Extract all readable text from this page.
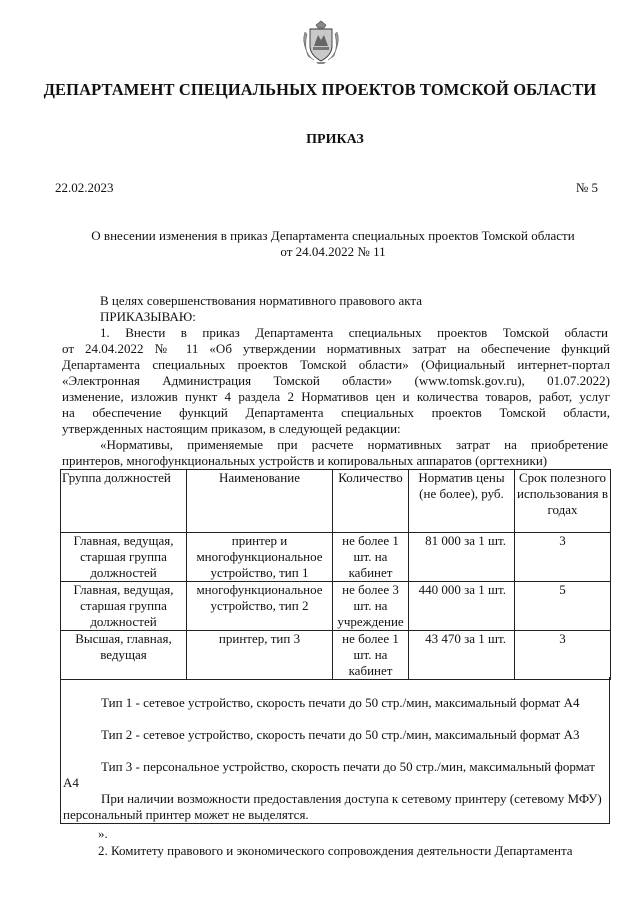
ДЕПАРТАМЕНТ СПЕЦИАЛЬНЫХ ПРОЕКТОВ ТОМСКОЙ ОБЛАСТИ
ПРИКАЗ
22.02.2023	№ 5
О внесении изменения в приказ Департамента специальных проектов Томской области
от 24.04.2022 № 11
В целях совершенствования нормативного правового акта
ПРИКАЗЫВАЮ:
1. Внести в приказ Департамента специальных проектов Томской области
от 24.04.2022 № 11 «Об утверждении нормативных затрат на обеспечение функций
Департамента специальных проектов Томской области» (Официальный интернет-портал
«Электронная Администрация Томской области» (www.tomsk.gov.ru), 01.07.2022)
изменение, изложив пункт 4 раздела 2 Нормативов цен и количества товаров, работ, услуг
на обеспечение функций Департамента специальных проектов Томской области,
утвержденных настоящим приказом, в следующей редакции:
«Нормативы, применяемые при расчете нормативных затрат на приобретение
принтеров, многофункциональных устройств и копировальных аппаратов (оргтехники)
Группа должностей	Наименование	Количество	Норматив цены (не более), руб.	Срок полезного использования в годах
Главная, ведущая, старшая группа должностей	принтер и многофункциональное устройство, тип 1	не более 1 шт. на кабинет	81 000 за 1 шт.	3
Главная, ведущая, старшая группа должностей	многофункциональное устройство, тип 2	не более 3 шт. на учреждение	440 000 за 1 шт.	5
Высшая, главная, ведущая	принтер, тип 3	не более 1 шт. на кабинет	43 470 за 1 шт.	3
Тип 1 - сетевое устройство, скорость печати до 50 стр./мин, максимальный формат А4
Тип 2 - сетевое устройство, скорость печати до 50 стр./мин, максимальный формат А3
Тип 3 - персональное устройство, скорость печати до 50 стр./мин, максимальный формат А4
При наличии возможности предоставления доступа к сетевому принтеру (сетевому МФУ) персональный принтер может не выделятся.
».
2. Комитету правового и экономического сопровождения деятельности Департамента
